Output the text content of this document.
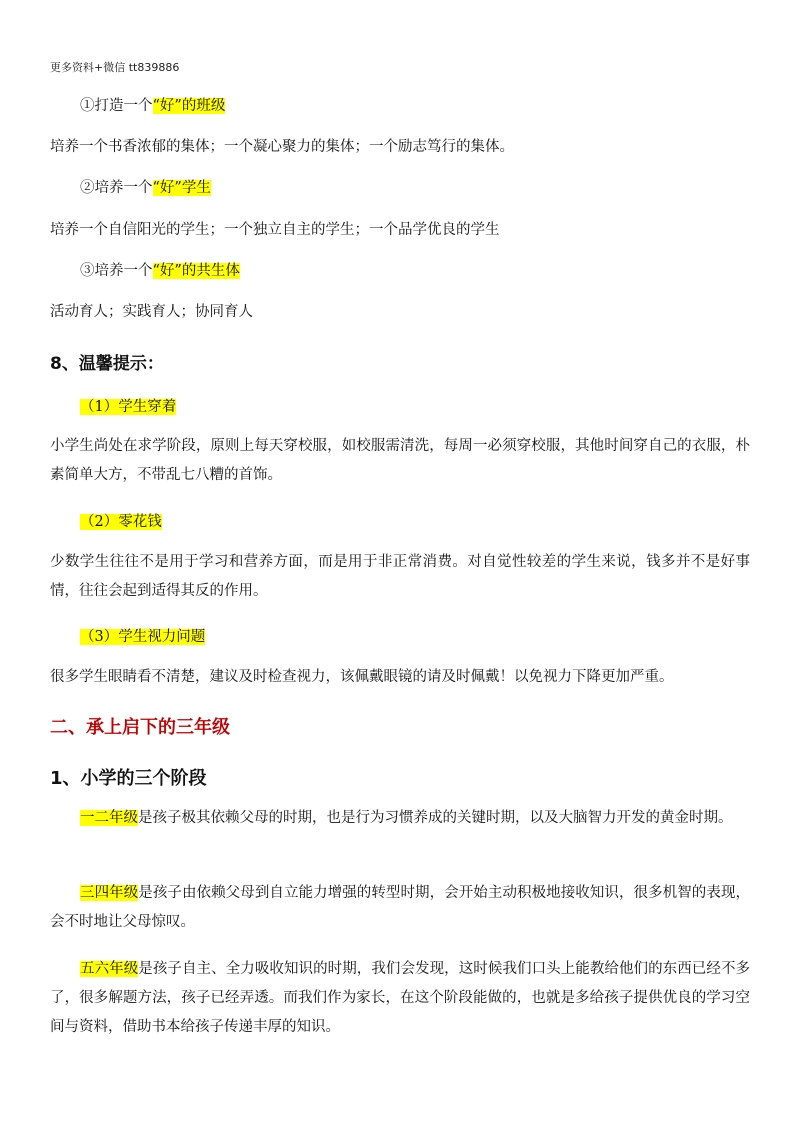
更多资料+微信 tt839886
①打造一个“好”的班级
培养一个书香浓郁的集体；一个凝心聚力的集体；一个励志笃行的集体。
②培养一个“好”学生
培养一个自信阳光的学生；一个独立自主的学生；一个品学优良的学生
③培养一个“好”的共生体
活动育人；实践育人；协同育人
8、温馨提示：
（1）学生穿着
小学生尚处在求学阶段，原则上每天穿校服，如校服需清洗，每周一必须穿校服，其他时间穿自己的衣服，朴素简单大方，不带乱七八糟的首饰。
（2）零花钱
少数学生往往不是用于学习和营养方面，而是用于非正常消费。对自觉性较差的学生来说，钱多并不是好事情，往往会起到适得其反的作用。
（3）学生视力问题
很多学生眼睛看不清楚，建议及时检查视力，该佩戴眼镜的请及时佩戴！以免视力下降更加严重。
二、承上启下的三年级
1、小学的三个阶段
一二年级是孩子极其依赖父母的时期，也是行为习惯养成的关键时期，以及大脑智力开发的黄金时期。
三四年级是孩子由依赖父母到自立能力增强的转型时期，会开始主动积极地接收知识，很多机智的表现，会不时地让父母惊叹。
五六年级是孩子自主、全力吸收知识的时期，我们会发现，这时候我们口头上能教给他们的东西已经不多了，很多解题方法，孩子已经弄透。而我们作为家长，在这个阶段能做的，也就是多给孩子提供优良的学习空间与资料，借助书本给孩子传递丰厚的知识。
